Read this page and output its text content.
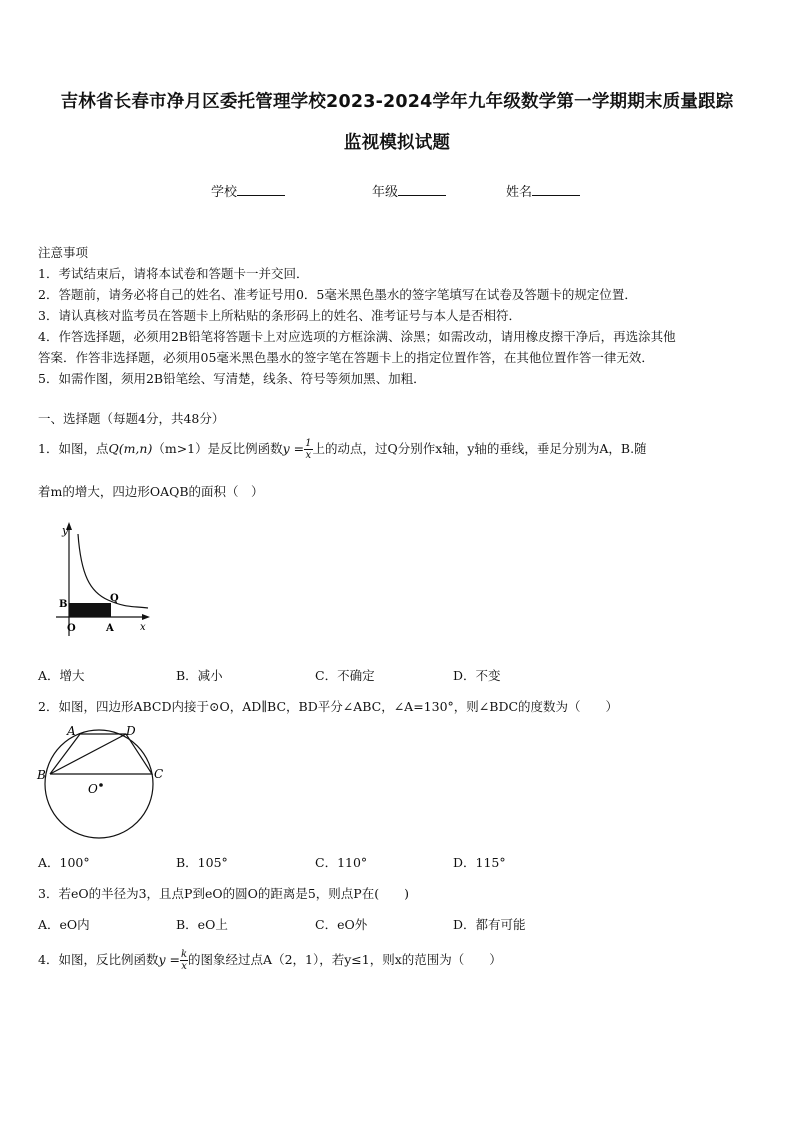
吉林省长春市净月区委托管理学校2023-2024学年九年级数学第一学期期末质量跟踪
监视模拟试题
学校	年级	姓名
注意事项
1．考试结束后，请将本试卷和答题卡一并交回．
2．答题前，请务必将自己的姓名、准考证号用0．5毫米黑色墨水的签字笔填写在试卷及答题卡的规定位置．
3．请认真核对监考员在答题卡上所粘贴的条形码上的姓名、准考证号与本人是否相符．
4．作答选择题，必须用2B铅笔将答题卡上对应选项的方框涂满、涂黑；如需改动，请用橡皮擦干净后，再选涂其他
答案．作答非选择题，必须用05毫米黑色墨水的签字笔在答题卡上的指定位置作答，在其他位置作答一律无效．
5．如需作图，须用2B铅笔绘、写清楚，线条、符号等须加黑、加粗．
一、选择题（每题4分，共48分）
1．如图，点Q(m,n)（m>1）是反比例函数$y = \frac{1}{x}$ 上的动点，过Q分别作x轴，y轴的垂线，垂足分别为A，B.随
着m的增大，四边形OAQB的面积（　）
y
x
B
Q
O	A
A．增大	B．减小	C．不确定	D．不变
2．如图，四边形ABCD内接于⊙O，AD∥BC，BD平分∠ABC，∠A=130°，则∠BDC的度数为（　　）
A	D
B	C
O
A．100°	B．105°	C．110°	D．115°
3．若eO的半径为3，且点P到eO的圆O的距离是5，则点P在(　　)
A．eO内	B．eO上	C．eO外	D．都有可能
4．如图，反比例函数$y = \frac{k}{x}$ 的图象经过点A（2，1），若y≤1，则x的范围为（　　）
